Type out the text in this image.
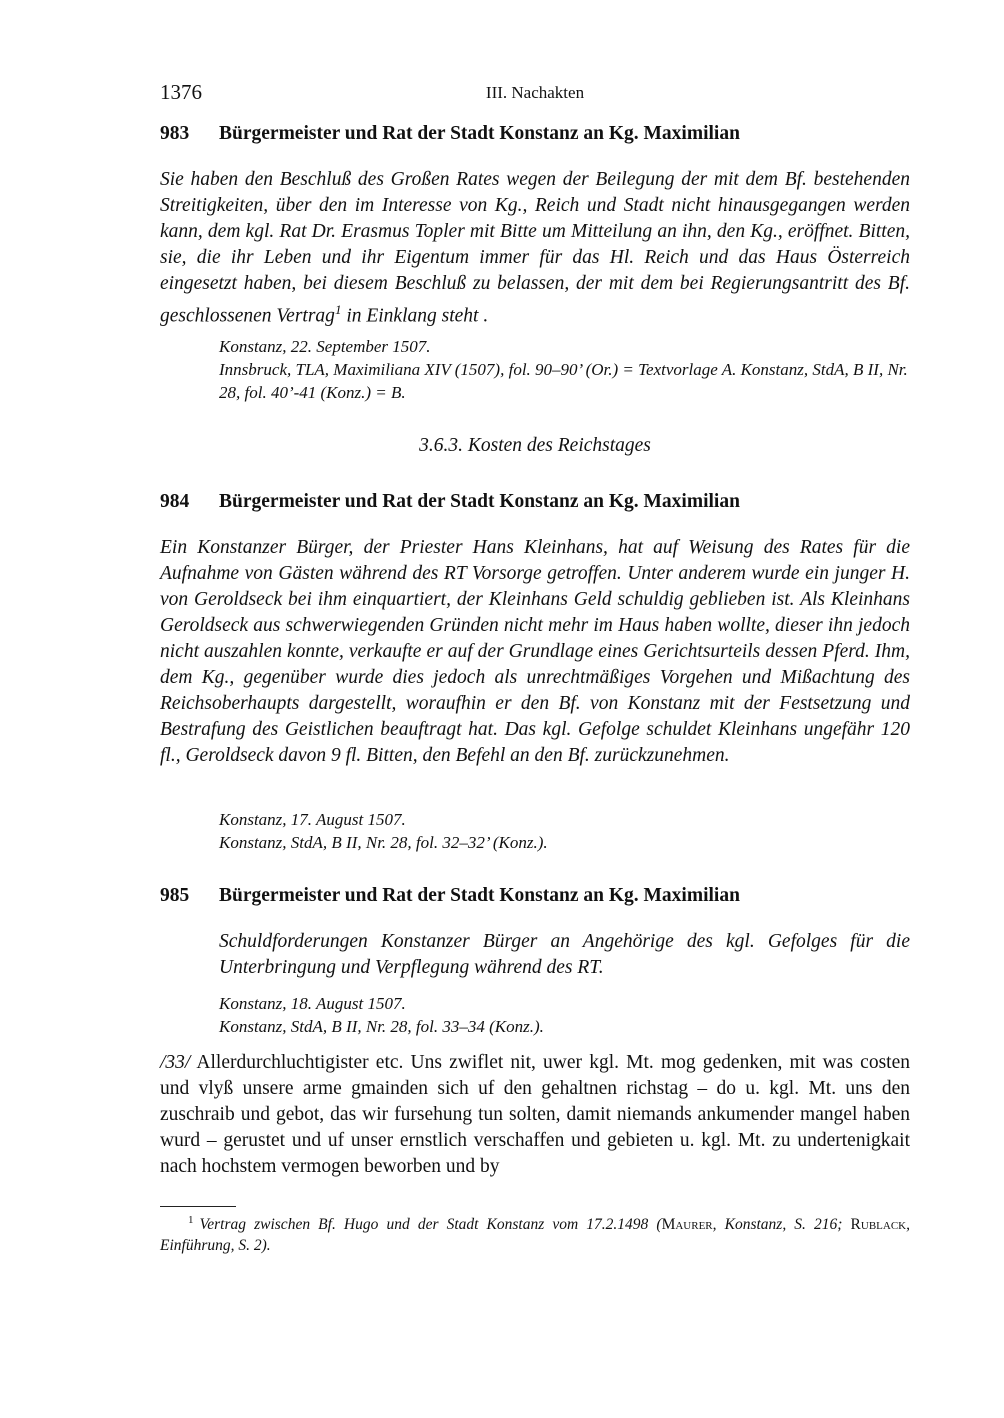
1376	III. Nachakten
983 Bürgermeister und Rat der Stadt Konstanz an Kg. Maximilian
Sie haben den Beschluß des Großen Rates wegen der Beilegung der mit dem Bf. bestehenden Streitigkeiten, über den im Interesse von Kg., Reich und Stadt nicht hinausgegangen werden kann, dem kgl. Rat Dr. Erasmus Topler mit Bitte um Mitteilung an ihn, den Kg., eröffnet. Bitten, sie, die ihr Leben und ihr Eigentum immer für das Hl. Reich und das Haus Österreich eingesetzt haben, bei diesem Beschluß zu belassen, der mit dem bei Regierungsantritt des Bf. geschlossenen Vertrag$^1$ in Einklang steht .
Konstanz, 22. September 1507.
Innsbruck, TLA, Maximiliana XIV (1507), fol. 90–90’ (Or.) = Textvorlage A. Konstanz, StdA, B II, Nr. 28, fol. 40’-41 (Konz.) = B.
3.6.3. Kosten des Reichstages
984 Bürgermeister und Rat der Stadt Konstanz an Kg. Maximilian
Ein Konstanzer Bürger, der Priester Hans Kleinhans, hat auf Weisung des Rates für die Aufnahme von Gästen während des RT Vorsorge getroffen. Unter anderem wurde ein junger H. von Geroldseck bei ihm einquartiert, der Kleinhans Geld schuldig geblieben ist. Als Kleinhans Geroldseck aus schwerwiegenden Gründen nicht mehr im Haus haben wollte, dieser ihn jedoch nicht auszahlen konnte, verkaufte er auf der Grundlage eines Gerichtsurteils dessen Pferd. Ihm, dem Kg., gegenüber wurde dies jedoch als unrechtmäßiges Vorgehen und Mißachtung des Reichsoberhaupts dargestellt, woraufhin er den Bf. von Konstanz mit der Festsetzung und Bestrafung des Geistlichen beauftragt hat. Das kgl. Gefolge schuldet Kleinhans ungefähr 120 fl., Geroldseck davon 9 fl. Bitten, den Befehl an den Bf. zurückzunehmen.
Konstanz, 17. August 1507.
Konstanz, StdA, B II, Nr. 28, fol. 32–32’ (Konz.).
985 Bürgermeister und Rat der Stadt Konstanz an Kg. Maximilian
Schuldforderungen Konstanzer Bürger an Angehörige des kgl. Gefolges für die Unterbringung und Verpflegung während des RT.
Konstanz, 18. August 1507.
Konstanz, StdA, B II, Nr. 28, fol. 33–34 (Konz.).
/33/ Allerdurchluchtigister etc. Uns zwiflet nit, uwer kgl. Mt. mog gedenken, mit was costen und vlyß unsere arme gmainden sich uf den gehaltnen richstag – do u. kgl. Mt. uns den zuschraib und gebot, das wir fursehung tun solten, damit niemands ankumender mangel haben wurd – gerustet und uf unser ernstlich verschaffen und gebieten u. kgl. Mt. zu undertenigkait nach hochstem vermogen beworben und by
$^1$ Vertrag zwischen Bf. Hugo und der Stadt Konstanz vom 17.2.1498 (Maurer, Konstanz, S. 216; Rublack, Einführung, S. 2).
